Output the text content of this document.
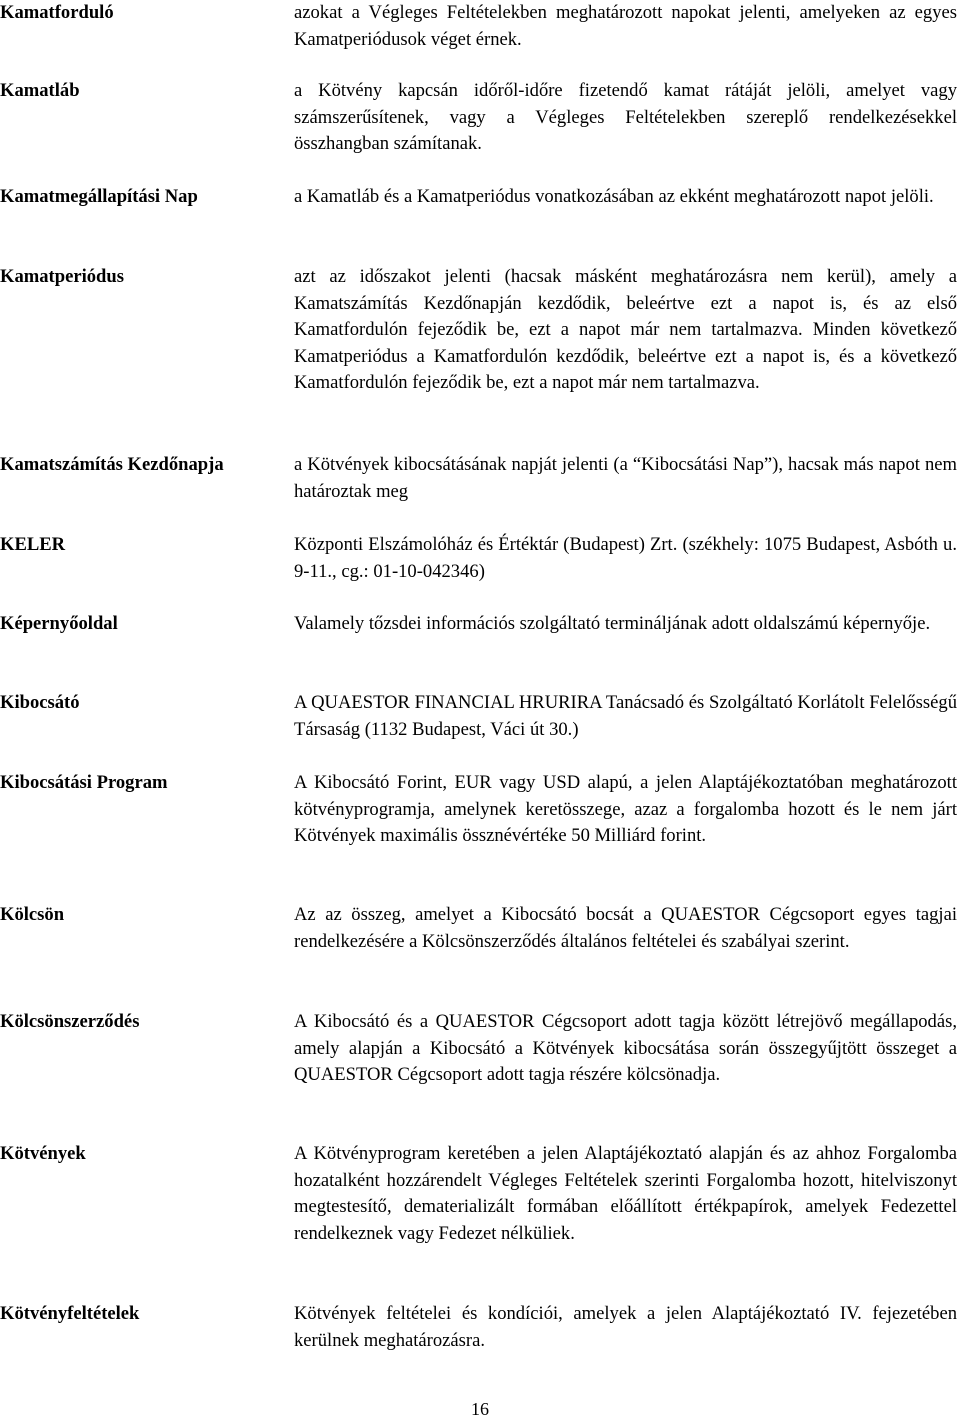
Kamatforduló	azokat a Végleges Feltételekben meghatározott napokat jelenti, amelyeken az egyes Kamatperiódusok véget érnek.
Kamatláb	a Kötvény kapcsán időről-időre fizetendő kamat rátáját jelöli, amelyet vagy számszerűsítenek, vagy a Végleges Feltételekben szereplő rendelkezésekkel összhangban számítanak.
Kamatmegállapítási Nap	a Kamatláb és a Kamatperiódus vonatkozásában az ekként meghatározott napot jelöli.
Kamatperiódus	azt az időszakot jelenti (hacsak másként meghatározásra nem kerül), amely a Kamatszámítás Kezdőnapján kezdődik, beleértve ezt a napot is, és az első Kamatfordulón fejeződik be, ezt a napot már nem tartalmazva. Minden következő Kamatperiódus a Kamatfordulón kezdődik, beleértve ezt a napot is, és a következő Kamatfordulón fejeződik be, ezt a napot már nem tartalmazva.
Kamatszámítás Kezdőnapja	a Kötvények kibocsátásának napját jelenti (a “Kibocsátási Nap”), hacsak más napot nem határoztak meg
KELER	Központi Elszámolóház és Értéktár (Budapest) Zrt. (székhely: 1075 Budapest, Asbóth u. 9-11., cg.: 01-10-042346)
Képernyőoldal	Valamely tőzsdei információs szolgáltató termináljának adott oldalszámú képernyője.
Kibocsátó	A QUAESTOR FINANCIAL HRURIRA Tanácsadó és Szolgáltató Korlátolt Felelősségű Társaság (1132 Budapest, Váci út 30.)
Kibocsátási Program	A Kibocsátó Forint, EUR vagy USD alapú, a jelen Alaptájékoztatóban meghatározott kötvényprogramja, amelynek keretösszege, azaz a forgalomba hozott és le nem járt Kötvények maximális össznévértéke 50 Milliárd forint.
Kölcsön	Az az összeg, amelyet a Kibocsátó bocsát a QUAESTOR Cégcsoport egyes tagjai rendelkezésére a Kölcsönszerződés általános feltételei és szabályai szerint.
Kölcsönszerződés	A Kibocsátó és a QUAESTOR Cégcsoport adott tagja között létrejövő megállapodás, amely alapján a Kibocsátó a Kötvények kibocsátása során összegyűjtött összeget a QUAESTOR Cégcsoport adott tagja részére kölcsönadja.
Kötvények	A Kötvényprogram keretében a jelen Alaptájékoztató alapján és az ahhoz Forgalomba hozatalként hozzárendelt Végleges Feltételek szerinti Forgalomba hozott, hitelviszonyt megtestesítő, dematerializált formában előállított értékpapírok, amelyek Fedezettel rendelkeznek vagy Fedezet nélküliek.
Kötvényfeltételek	Kötvények feltételei és kondíciói, amelyek a jelen Alaptájékoztató IV. fejezetében kerülnek meghatározásra.
16
